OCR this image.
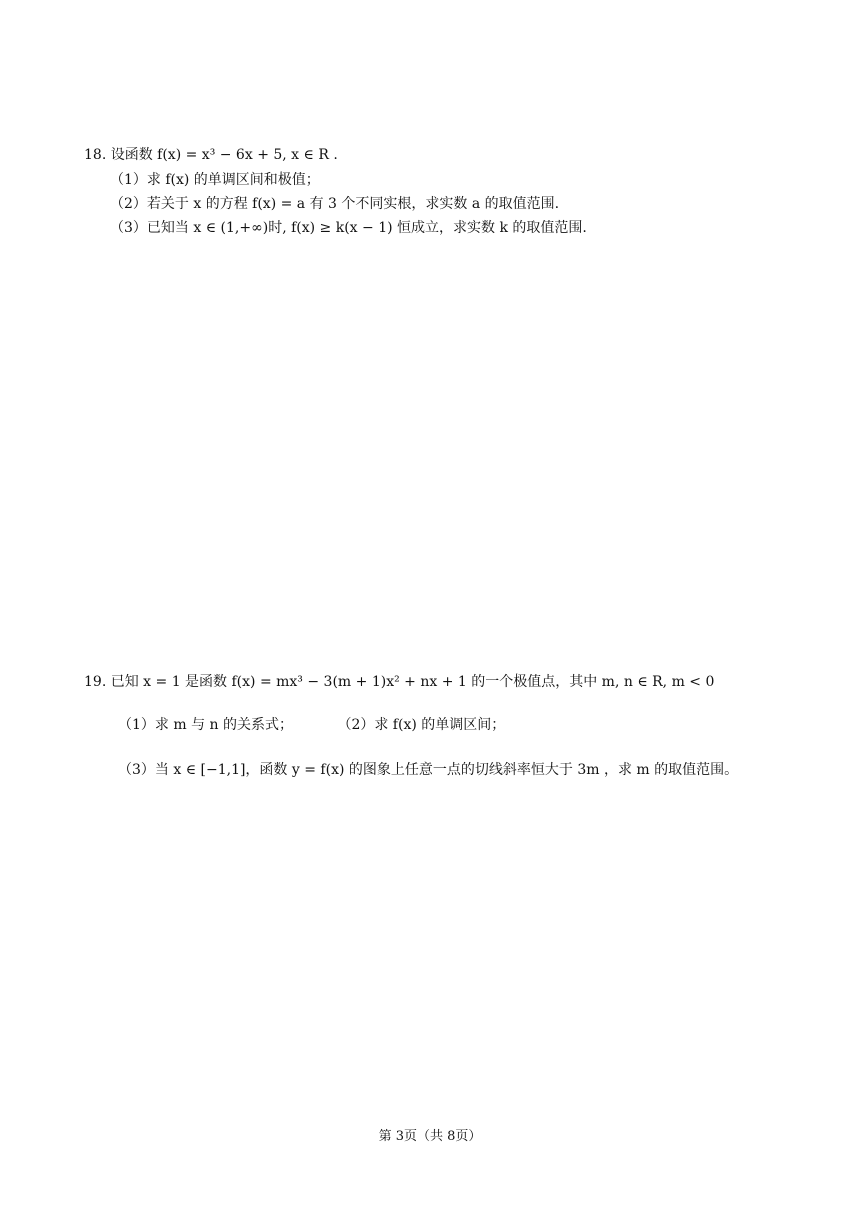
18. 设函数 f(x) = x³ − 6x + 5, x ∈ R .
（1）求 f(x) 的单调区间和极值；
（2）若关于 x 的方程 f(x) = a 有 3 个不同实根，求实数 a 的取值范围.
（3）已知当 x ∈ (1,+∞)时, f(x) ≥ k(x − 1) 恒成立，求实数 k 的取值范围.
19. 已知 x = 1 是函数 f(x) = mx³ − 3(m + 1)x² + nx + 1 的一个极值点，其中 m, n ∈ R, m < 0
（1）求 m 与 n 的关系式；	（2）求 f(x) 的单调区间；
（3）当 x ∈ [−1,1]，函数 y = f(x) 的图象上任意一点的切线斜率恒大于 3m ，求 m 的取值范围。
第 3页（共 8页）
